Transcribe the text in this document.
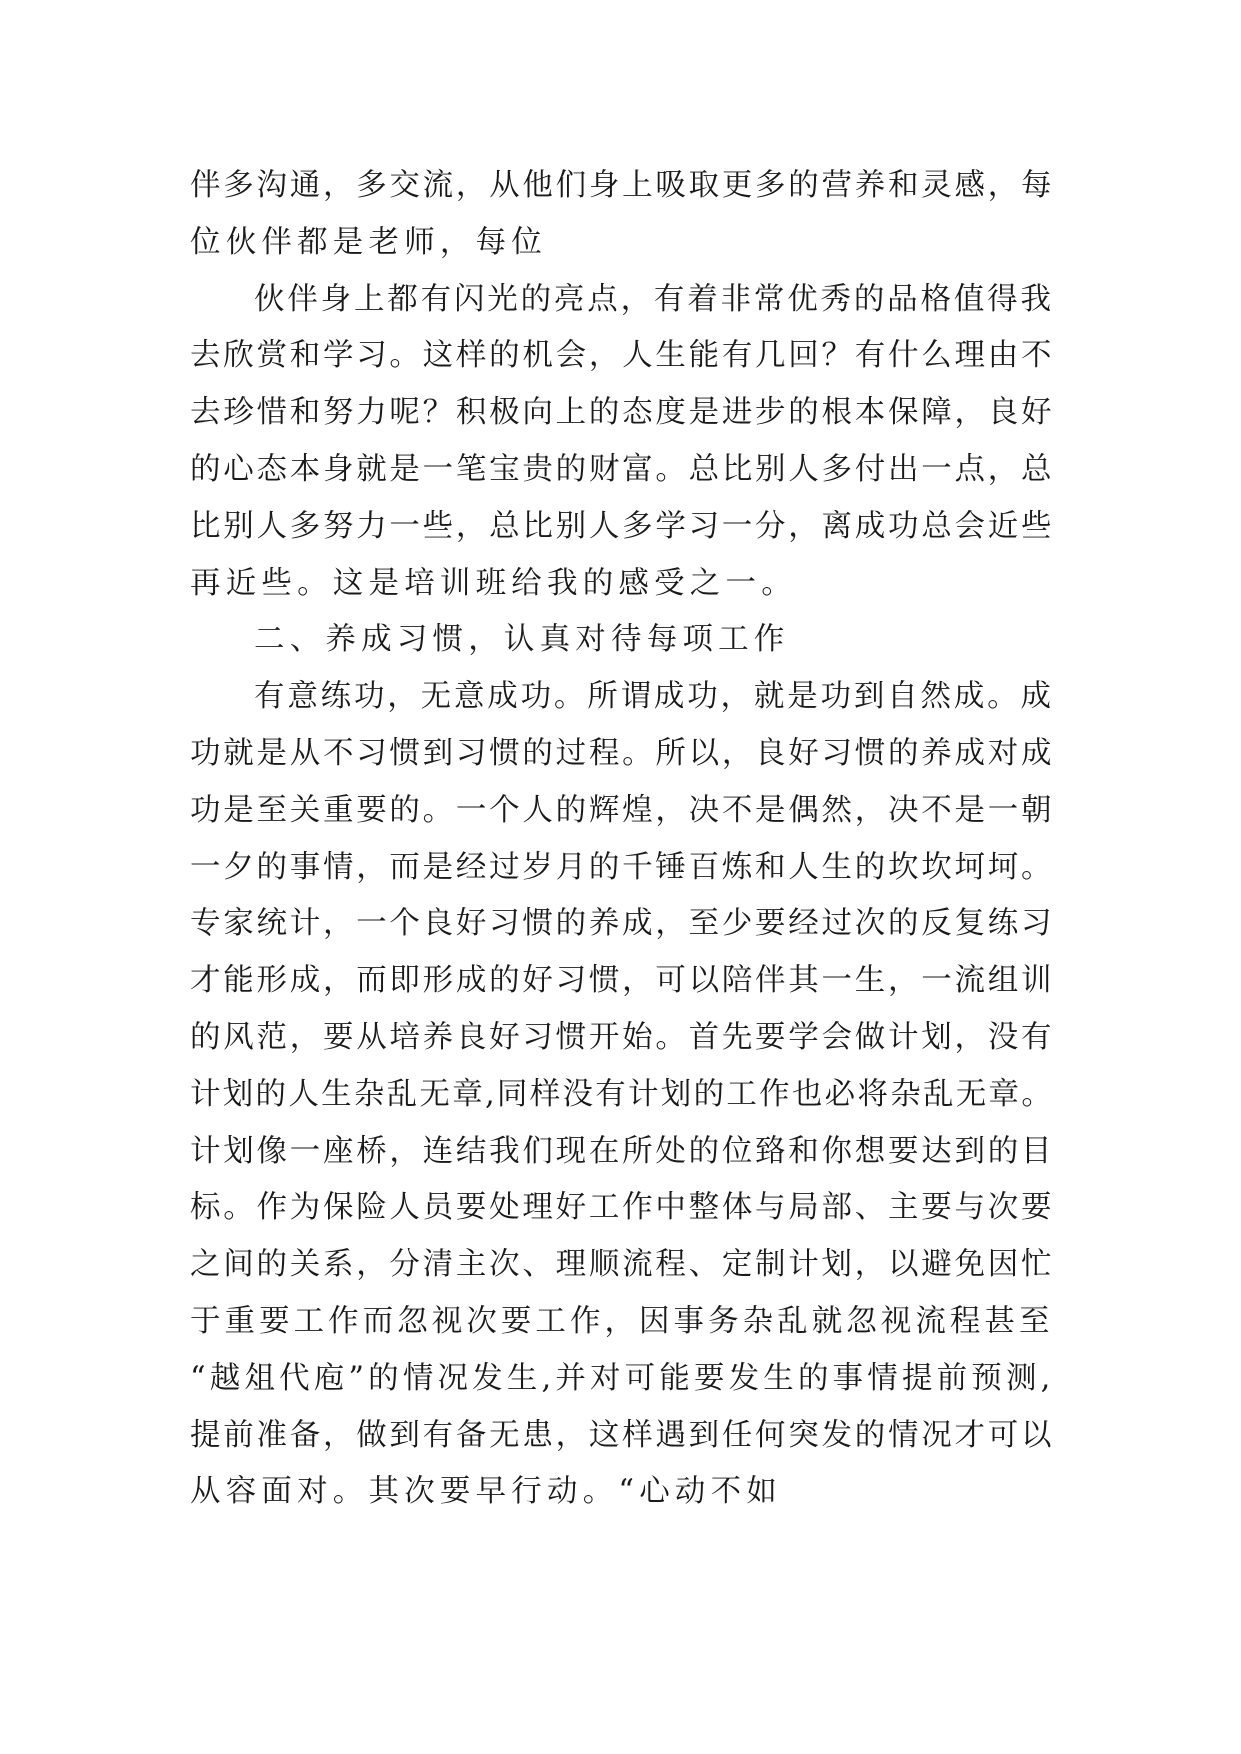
伴多沟通，多交流，从他们身上吸取更多的营养和灵感，每
位伙伴都是老师，每位
伙伴身上都有闪光的亮点，有着非常优秀的品格值得我
去欣赏和学习。这样的机会，人生能有几回？有什么理由不
去珍惜和努力呢？积极向上的态度是进步的根本保障，良好
的心态本身就是一笔宝贵的财富。总比别人多付出一点，总
比别人多努力一些，总比别人多学习一分，离成功总会近些
再近些。这是培训班给我的感受之一。
二、养成习惯，认真对待每项工作
有意练功，无意成功。所谓成功，就是功到自然成。成
功就是从不习惯到习惯的过程。所以，良好习惯的养成对成
功是至关重要的。一个人的辉煌，决不是偶然，决不是一朝
一夕的事情，而是经过岁月的千锤百炼和人生的坎坎坷坷。
专家统计，一个良好习惯的养成，至少要经过次的反复练习
才能形成，而即形成的好习惯，可以陪伴其一生，一流组训
的风范，要从培养良好习惯开始。首先要学会做计划，没有
计划的人生杂乱无章,同样没有计划的工作也必将杂乱无章。
计划像一座桥，连结我们现在所处的位臵和你想要达到的目
标。作为保险人员要处理好工作中整体与局部、主要与次要
之间的关系，分清主次、理顺流程、定制计划，以避免因忙
于重要工作而忽视次要工作，因事务杂乱就忽视流程甚至
“越俎代庖”的情况发生,并对可能要发生的事情提前预测,
提前准备，做到有备无患，这样遇到任何突发的情况才可以
从容面对。其次要早行动。“心动不如
